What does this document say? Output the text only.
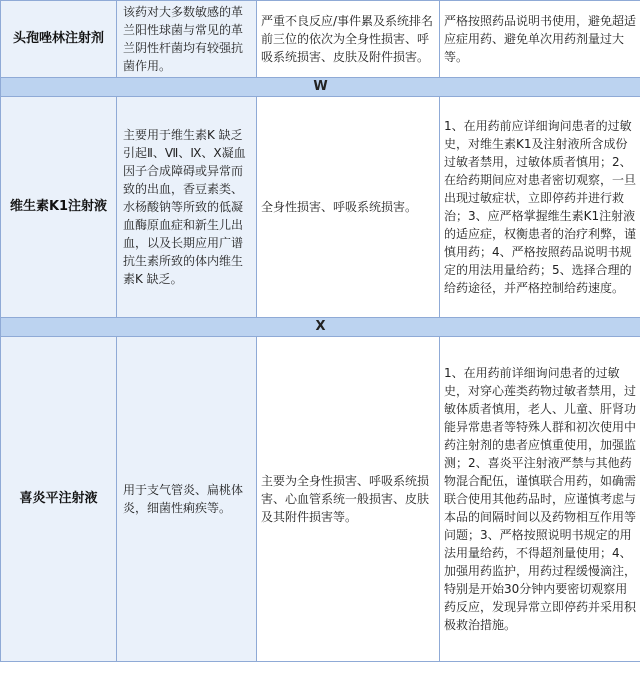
头孢唑林注射剂	该药对大多数敏感的革兰阳性球菌与常见的革兰阴性杆菌均有较强抗菌作用。	严重不良反应/事件累及系统排名前三位的依次为全身性损害、呼吸系统损害、皮肤及附件损害。	严格按照药品说明书使用，避免超适应症用药、避免单次用药剂量过大等。
W			
维生素K1注射液	主要用于维生素K 缺乏引起Ⅱ、Ⅶ、Ⅸ、Ⅹ凝血因子合成障碍或异常而致的出血，香豆素类、水杨酸钠等所致的低凝血酶原血症和新生儿出血，以及长期应用广谱抗生素所致的体内维生素K 缺乏。	全身性损害、呼吸系统损害。	1、在用药前应详细询问患者的过敏史，对维生素K1及注射液所含成份过敏者禁用，过敏体质者慎用；2、在给药期间应对患者密切观察，一旦出现过敏症状，立即停药并进行救治；3、应严格掌握维生素K1注射液的适应症，权衡患者的治疗利弊，谨慎用药；4、严格按照药品说明书规定的用法用量给药；5、选择合理的给药途径，并严格控制给药速度。
X			
喜炎平注射液	用于支气管炎、扁桃体炎，细菌性痢疾等。	主要为全身性损害、呼吸系统损害、心血管系统一般损害、皮肤及其附件损害等。	1、在用药前详细询问患者的过敏史，对穿心莲类药物过敏者禁用，过敏体质者慎用，老人、儿童、肝肾功能异常患者等特殊人群和初次使用中药注射剂的患者应慎重使用，加强监测；2、喜炎平注射液严禁与其他药物混合配伍，谨慎联合用药，如确需联合使用其他药品时，应谨慎考虑与本品的间隔时间以及药物相互作用等问题；3、严格按照说明书规定的用法用量给药，不得超剂量使用；4、加强用药监护，用药过程缓慢滴注，特别是开始30分钟内要密切观察用药反应，发现异常立即停药并采用积极救治措施。
